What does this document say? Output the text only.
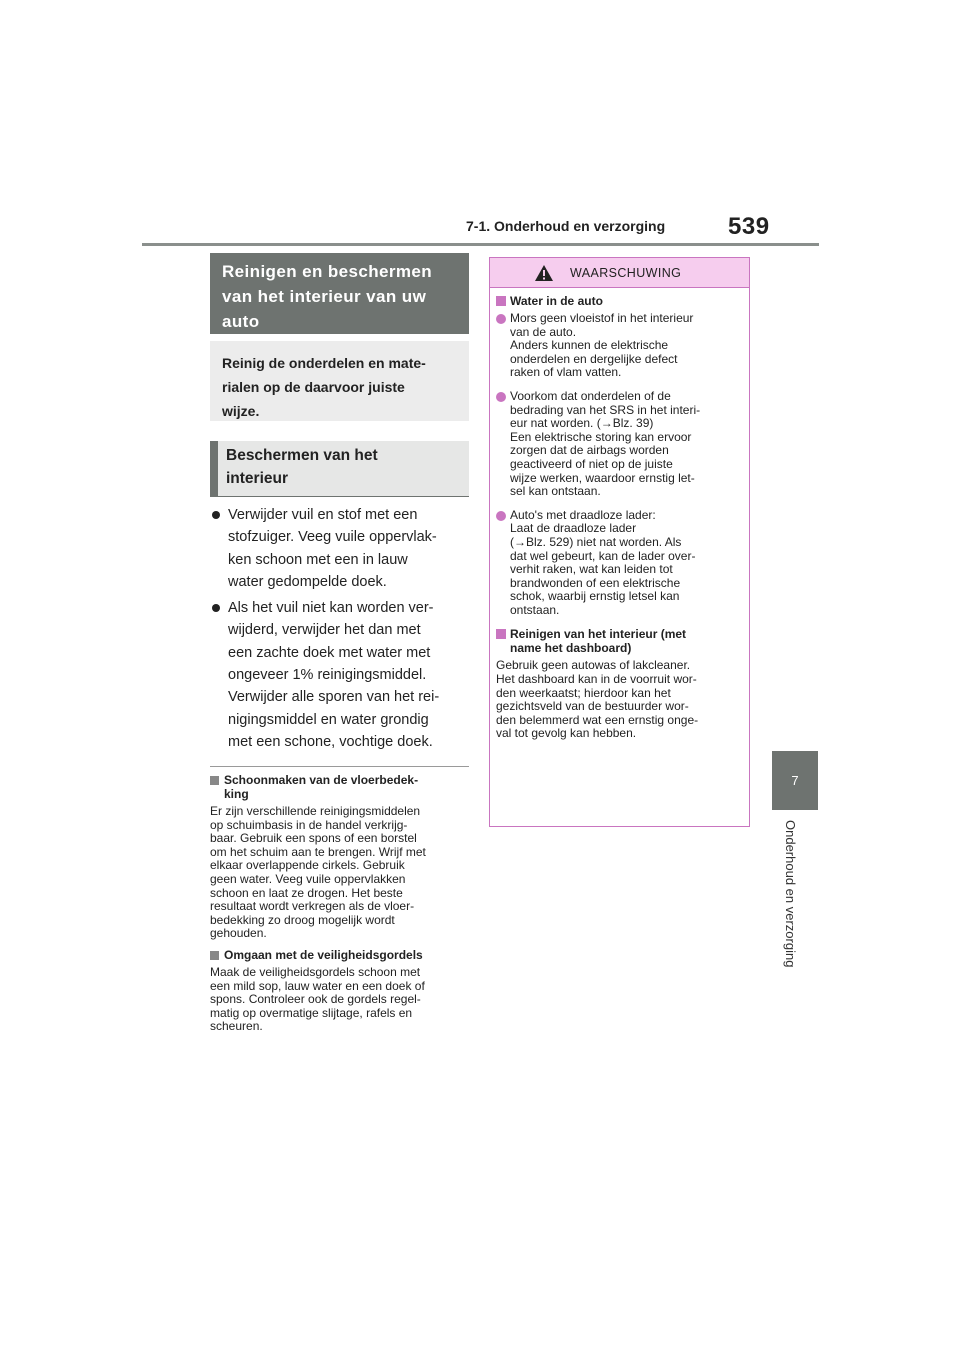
7-1. Onderhoud en verzorging	539
7
Onderhoud en verzorging
Reinigen en beschermen
van het interieur van uw
auto
Reinig de onderdelen en mate-
rialen op de daarvoor juiste
wijze.
Beschermen van het
interieur
Verwijder vuil en stof met een
stofzuiger. Veeg vuile oppervlak-
ken schoon met een in lauw
water gedompelde doek.
Als het vuil niet kan worden ver-
wijderd, verwijder het dan met
een zachte doek met water met
ongeveer 1% reinigingsmiddel.
Verwijder alle sporen van het rei-
nigingsmiddel en water grondig
met een schone, vochtige doek.
Schoonmaken van de vloerbedek-
king
Er zijn verschillende reinigingsmiddelen
op schuimbasis in de handel verkrijg-
baar. Gebruik een spons of een borstel
om het schuim aan te brengen. Wrijf met
elkaar overlappende cirkels. Gebruik
geen water. Veeg vuile oppervlakken
schoon en laat ze drogen. Het beste
resultaat wordt verkregen als de vloer-
bedekking zo droog mogelijk wordt
gehouden.
Omgaan met de veiligheidsgordels
Maak de veiligheidsgordels schoon met
een mild sop, lauw water en een doek of
spons. Controleer ook de gordels regel-
matig op overmatige slijtage, rafels en
scheuren.
WAARSCHUWING
Water in de auto
Mors geen vloeistof in het interieur
van de auto.
Anders kunnen de elektrische
onderdelen en dergelijke defect
raken of vlam vatten.
Voorkom dat onderdelen of de
bedrading van het SRS in het interi-
eur nat worden. (→Blz. 39)
Een elektrische storing kan ervoor
zorgen dat de airbags worden
geactiveerd of niet op de juiste
wijze werken, waardoor ernstig let-
sel kan ontstaan.
Auto's met draadloze lader:
Laat de draadloze lader
(→Blz. 529) niet nat worden. Als
dat wel gebeurt, kan de lader over-
verhit raken, wat kan leiden tot
brandwonden of een elektrische
schok, waarbij ernstig letsel kan
ontstaan.
Reinigen van het interieur (met
name het dashboard)
Gebruik geen autowas of lakcleaner.
Het dashboard kan in de voorruit wor-
den weerkaatst; hierdoor kan het
gezichtsveld van de bestuurder wor-
den belemmerd wat een ernstig onge-
val tot gevolg kan hebben.
